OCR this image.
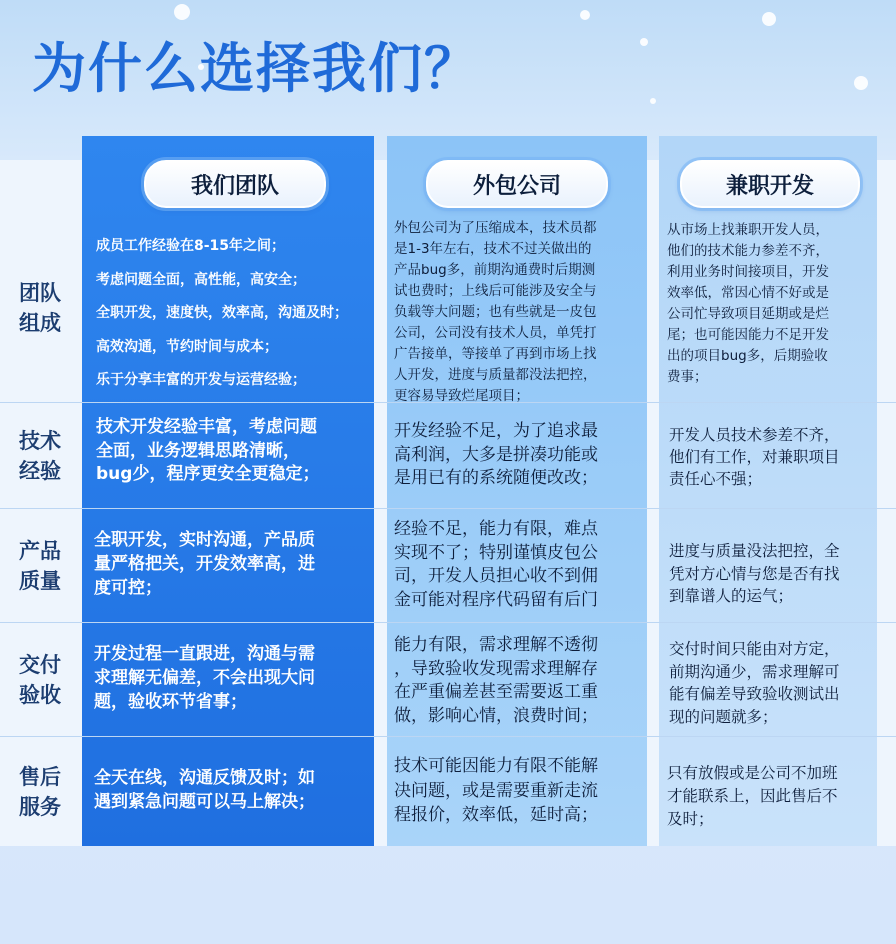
为什么选择我们？
我们团队	外包公司	兼职开发
团队
组成
成员工作经验在8-15年之间；
考虑问题全面，高性能，高安全；
全职开发，速度快，效率高，沟通及时；
高效沟通，节约时间与成本；
乐于分享丰富的开发与运营经验；
外包公司为了压缩成本，技术员都
是1-3年左右，技术不过关做出的
产品bug多，前期沟通费时后期测
试也费时；上线后可能涉及安全与
负载等大问题；也有些就是一皮包
公司，公司没有技术人员，单凭打
广告接单，等接单了再到市场上找
人开发，进度与质量都没法把控，
更容易导致烂尾项目；
从市场上找兼职开发人员，
他们的技术能力参差不齐，
利用业务时间接项目，开发
效率低，常因心情不好或是
公司忙导致项目延期或是烂
尾；也可能因能力不足开发
出的项目bug多，后期验收
费事；
技术
经验
技术开发经验丰富，考虑问题
全面，业务逻辑思路清晰，
bug少，程序更安全更稳定；
开发经验不足，为了追求最
高利润，大多是拼凑功能或
是用已有的系统随便改改；
开发人员技术参差不齐，
他们有工作，对兼职项目
责任心不强；
产品
质量
全职开发，实时沟通，产品质
量严格把关，开发效率高，进
度可控；
经验不足，能力有限，难点
实现不了；特别谨慎皮包公
司，开发人员担心收不到佣
金可能对程序代码留有后门
进度与质量没法把控，全
凭对方心情与您是否有找
到靠谱人的运气；
交付
验收
开发过程一直跟进，沟通与需
求理解无偏差，不会出现大问
题，验收环节省事；
能力有限，需求理解不透彻
，导致验收发现需求理解存
在严重偏差甚至需要返工重
做，影响心情，浪费时间；
交付时间只能由对方定，
前期沟通少，需求理解可
能有偏差导致验收测试出
现的问题就多；
售后
服务
全天在线，沟通反馈及时；如
遇到紧急问题可以马上解决；
技术可能因能力有限不能解
决问题，或是需要重新走流
程报价，效率低，延时高；
只有放假或是公司不加班
才能联系上，因此售后不
及时；
